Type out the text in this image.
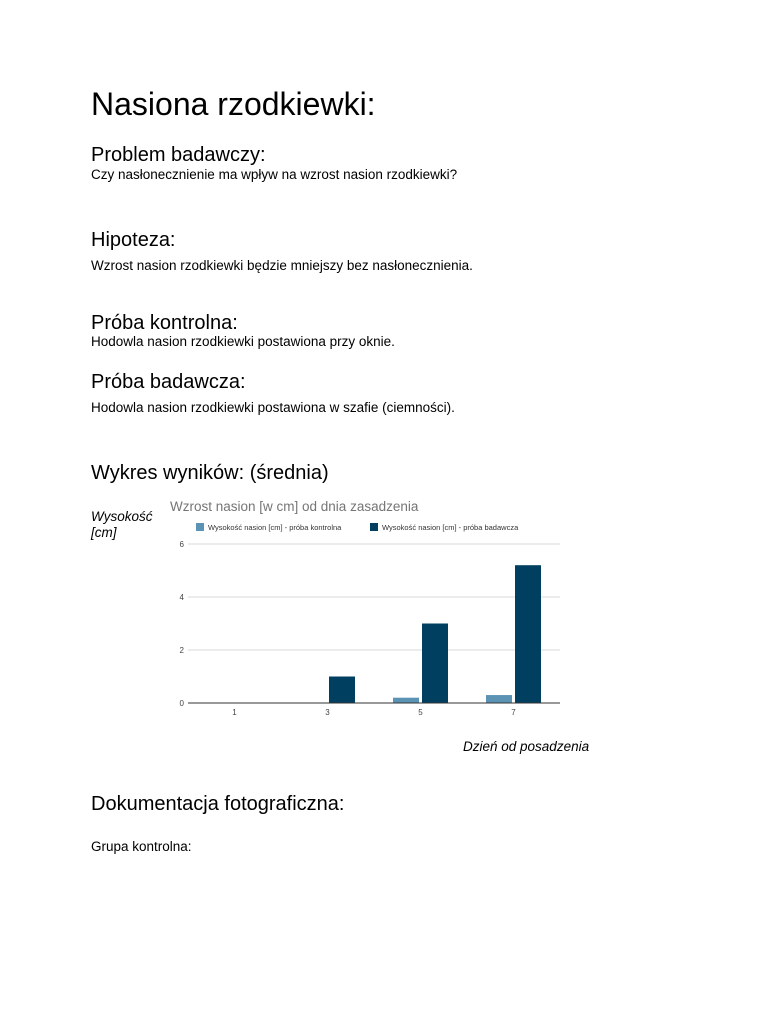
Nasiona rzodkiewki:
Problem badawczy:

Czy nasłonecznienie ma wpływ na wzrost nasion rzodkiewki?

Hipoteza:

Wzrost nasion rzodkiewki będzie mniejszy bez nasłonecznienia.

Próba kontrolna:

Hodowla nasion rzodkiewki postawiona przy oknie.

Próba badawcza:

Hodowla nasion rzodkiewki postawiona w szafie (ciemności).

Wykres wyników: (średnia)

Wysokość

[cm]

Wzrost nasion [w cm] od dnia zasadzenia
Wysokość nasion [cm] - próba kontrolna	Wysokość nasion [cm] - próba badawcza
0
2
4
6
1	3	5	7

Dzień od posadzenia

Dokumentacja fotograficzna:

Grupa kontrolna:
